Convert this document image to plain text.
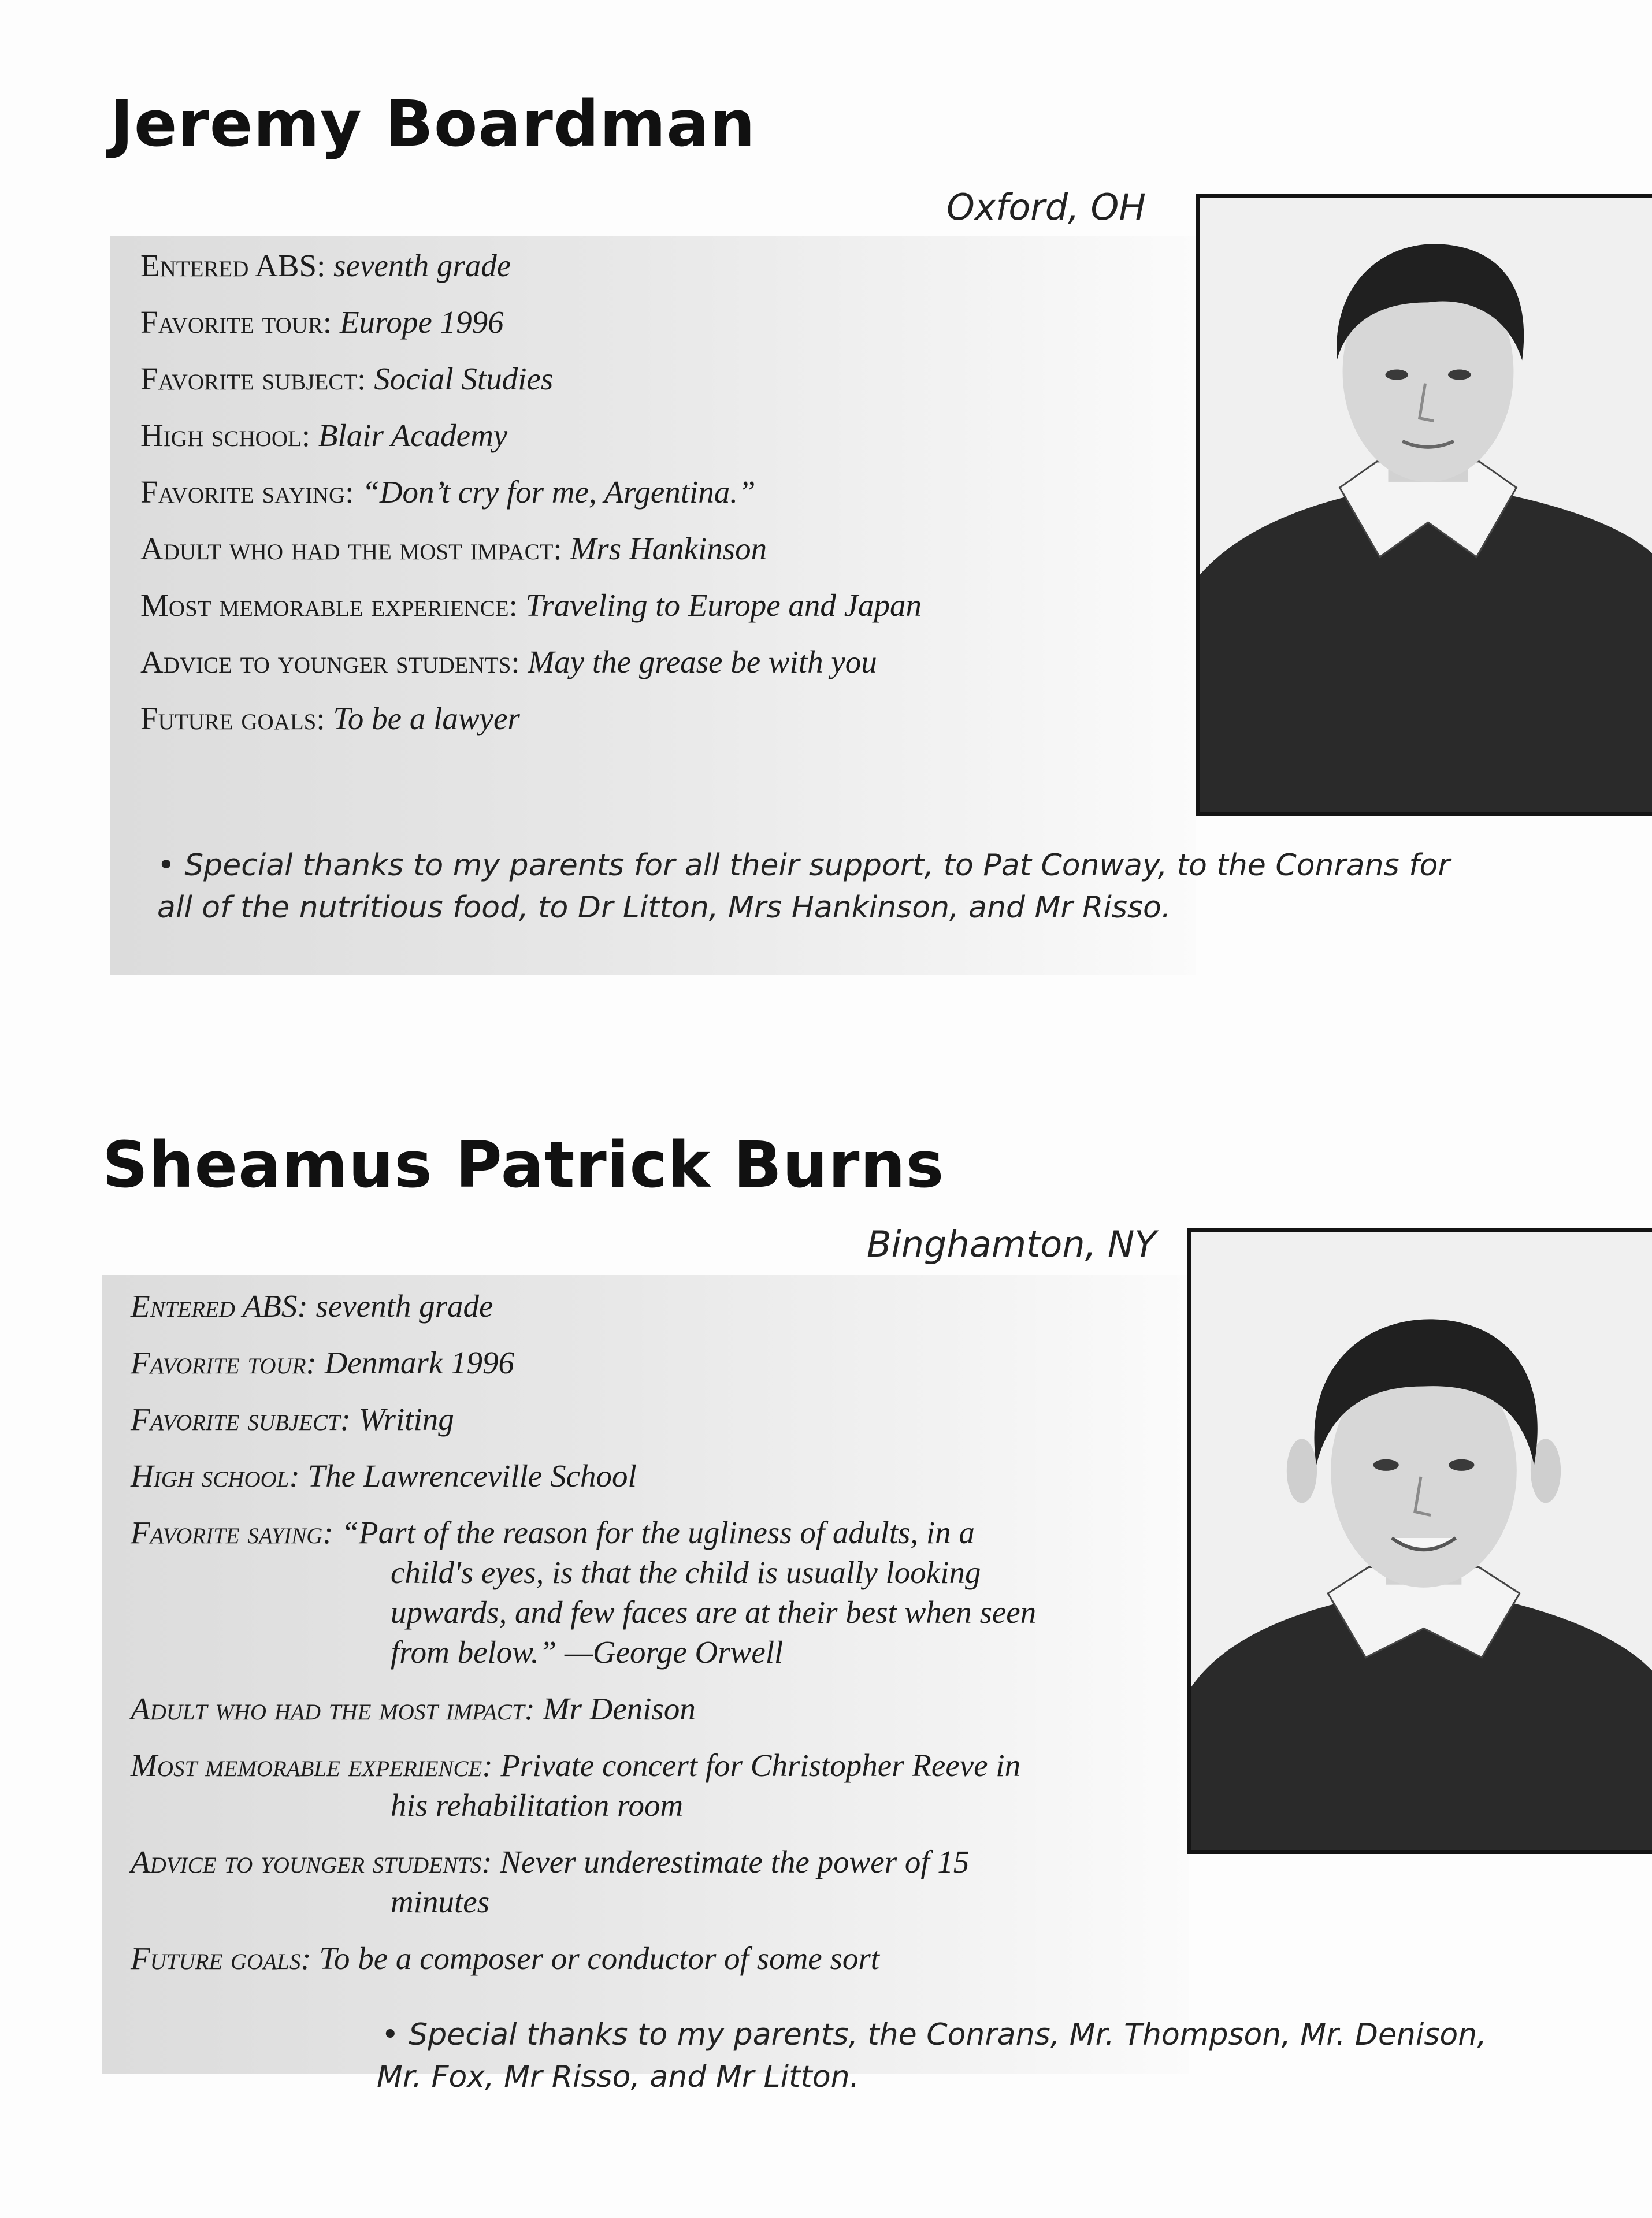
Jeremy Boardman
Oxford, OH
Entered ABS: seventh grade
Favorite tour: Europe 1996
Favorite subject: Social Studies
High school: Blair Academy
Favorite saying: “Don’t cry for me, Argentina.”
Adult who had the most impact: Mrs Hankinson
Most memorable experience: Traveling to Europe and Japan
Advice to younger students: May the grease be with you
Future goals: To be a lawyer
• Special thanks to my parents for all their support, to Pat Conway, to the Conrans for
all of the nutritious food, to Dr Litton, Mrs Hankinson, and Mr Risso.
Sheamus Patrick Burns
Binghamton, NY
Entered ABS: seventh grade
Favorite tour: Denmark 1996
Favorite subject: Writing
High school: The Lawrenceville School
Favorite saying: “Part of the reason for the ugliness of adults, in a
child's eyes, is that the child is usually looking
upwards, and few faces are at their best when seen
from below.” —George Orwell
Adult who had the most impact: Mr Denison
Most memorable experience: Private concert for Christopher Reeve in
his rehabilitation room
Advice to younger students: Never underestimate the power of 15
minutes
Future goals: To be a composer or conductor of some sort
• Special thanks to my parents, the Conrans, Mr. Thompson, Mr. Denison,
Mr. Fox, Mr Risso, and Mr Litton.
